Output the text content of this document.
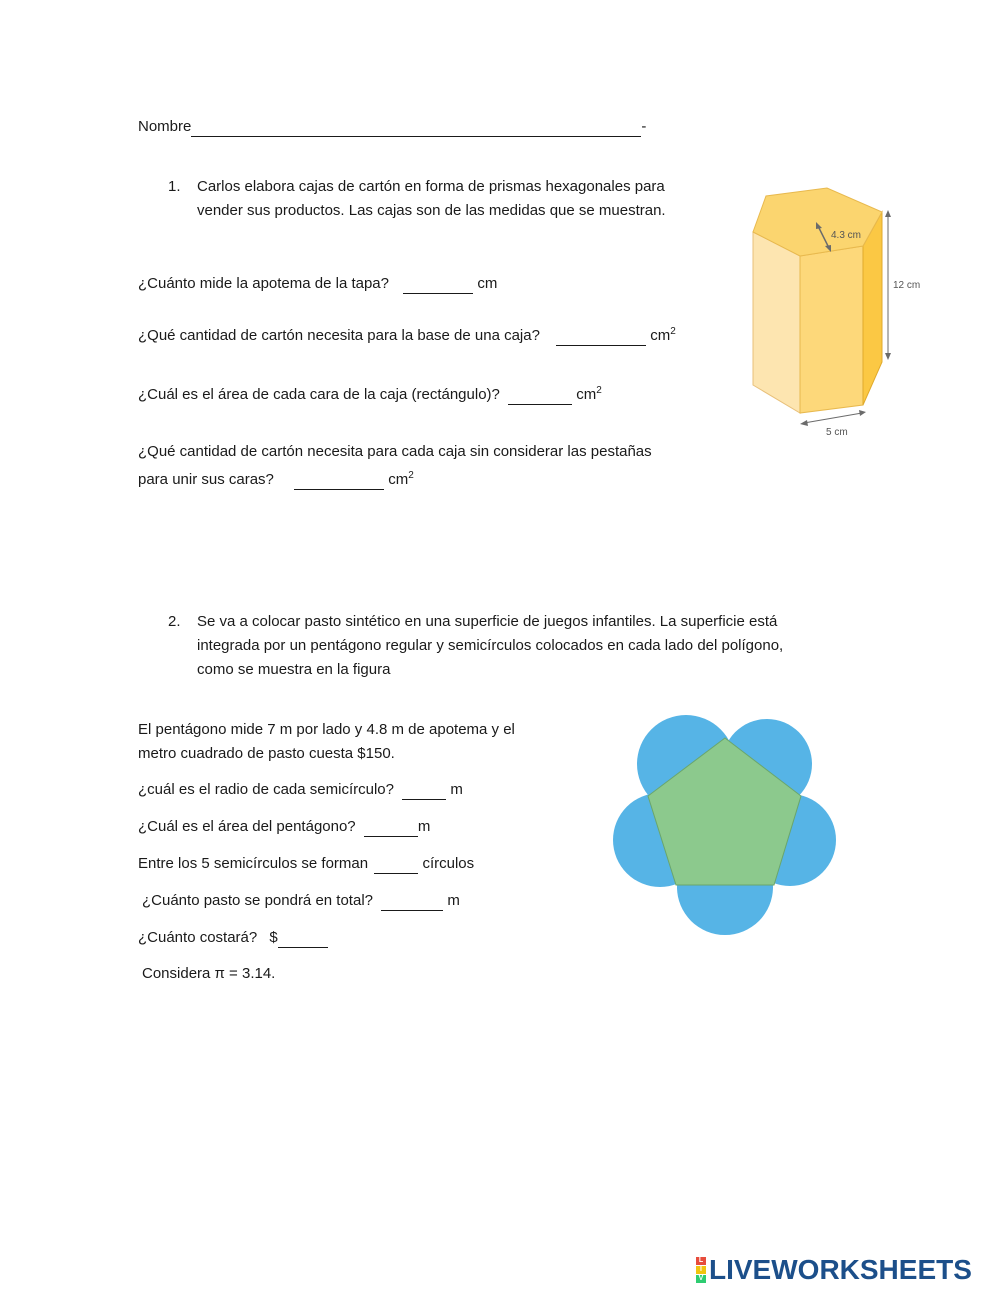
Nombre	-
1. Carlos elabora cajas de cartón en forma de prismas hexagonales para
vender sus productos. Las cajas son de las medidas que se muestran.
¿Cuánto mide la apotema de la tapa?	cm
¿Qué cantidad de cartón necesita para la base de una caja?	$cm^2$
¿Cuál es el área de cada cara de la caja (rectángulo)?	$cm^2$
¿Qué cantidad de cartón necesita para cada caja sin considerar las pestañas
para unir sus caras?	$cm^2$
4.3 cm
12 cm
5 cm
2. Se va a colocar pasto sintético en una superficie de juegos infantiles. La superficie está
integrada por un pentágono regular y semicírculos colocados en cada lado del polígono,
como se muestra en la figura
El pentágono mide 7 m por lado y 4.8 m de apotema y el
metro cuadrado de pasto cuesta $150.
¿cuál es el radio de cada semicírculo?	m
¿Cuál es el área del pentágono?	m
Entre los 5 semicírculos se forman	círculos
¿Cuánto pasto se pondrá en total?	m
¿Cuánto costará? $
Considera π = 3.14.
L
I
V LIVEWORKSHEETS
